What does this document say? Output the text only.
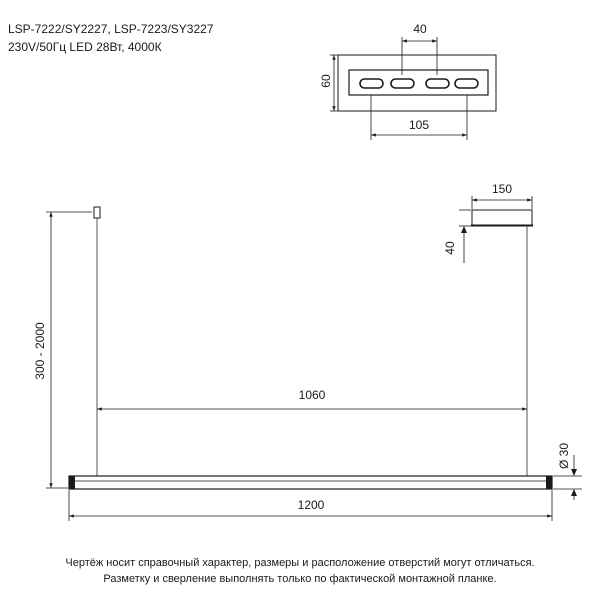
LSP-7222/SY2227, LSP-7223/SY3227
230V/50Гц LED 28Вт, 4000К
40
60
105
300 - 2000
150
40
1060
Ø 30
1200
Чертёж носит справочный характер, размеры и расположение отверстий могут отличаться.
Разметку и сверление выполнять только по фактической монтажной планке.
